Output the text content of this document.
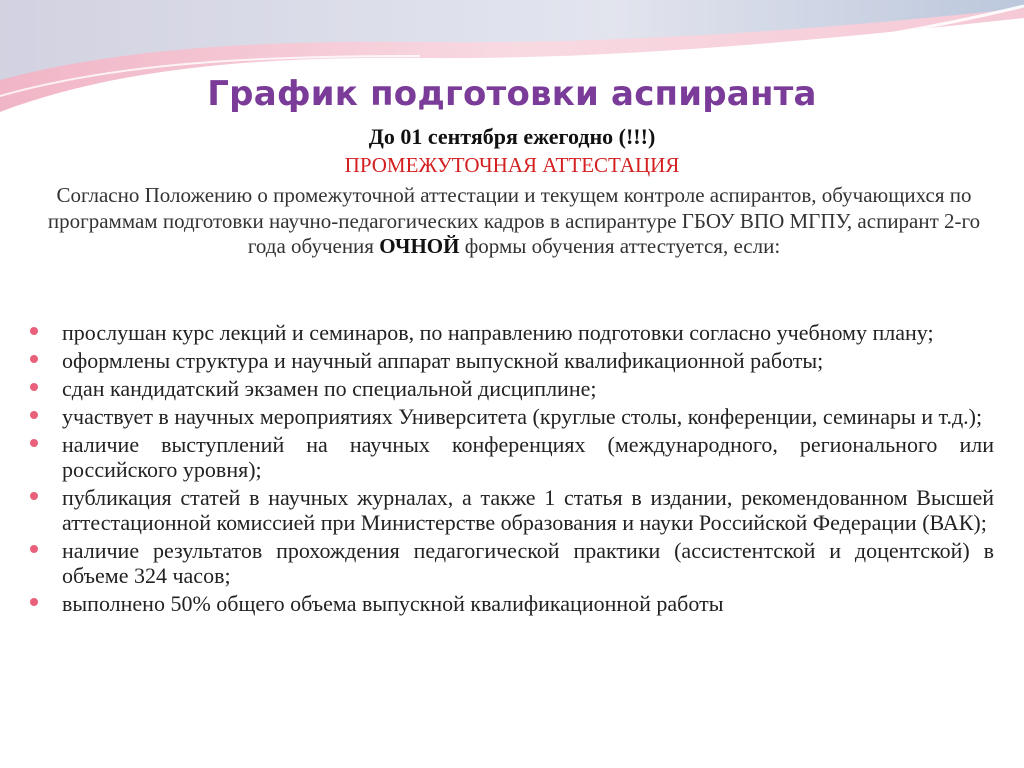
График подготовки аспиранта
До 01 сентября ежегодно (!!!)
ПРОМЕЖУТОЧНАЯ АТТЕСТАЦИЯ
Согласно Положению о промежуточной аттестации и текущем контроле аспирантов, обучающихся по программам подготовки научно-педагогических кадров в аспирантуре ГБОУ ВПО МГПУ, аспирант 2-го года обучения ОЧНОЙ формы обучения аттестуется, если:
прослушан курс лекций и семинаров, по направлению подготовки согласно учебному плану;
оформлены структура и научный аппарат выпускной квалификационной работы;
сдан кандидатский экзамен по специальной дисциплине;
участвует в научных мероприятиях Университета (круглые столы, конференции, семинары и т.д.);
наличие выступлений на научных конференциях (международного, регионального или российского уровня);
публикация статей в научных журналах, а также 1 статья в издании, рекомендованном Высшей аттестационной комиссией при Министерстве образования и науки Российской Федерации (ВАК);
наличие результатов прохождения педагогической практики (ассистентской и доцентской) в объеме 324 часов;
выполнено 50% общего объема выпускной квалификационной работы
